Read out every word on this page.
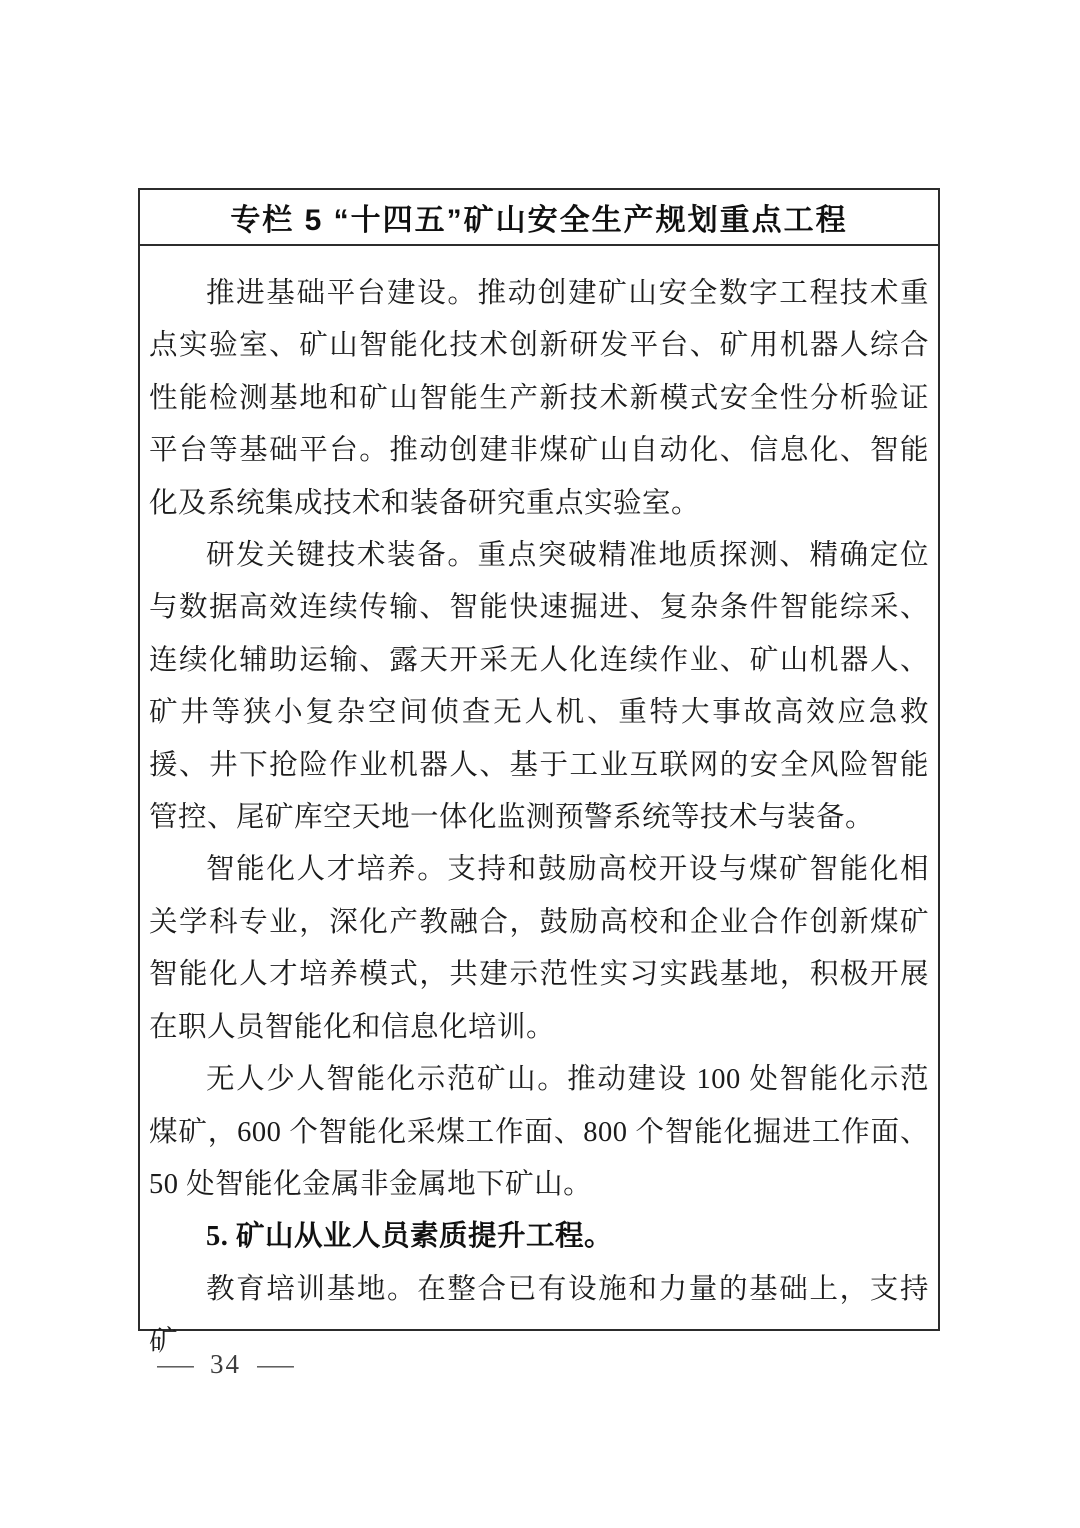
专栏 5 “十四五”矿山安全生产规划重点工程

推进基础平台建设。推动创建矿山安全数字工程技术重点实验室、矿山智能化技术创新研发平台、矿用机器人综合性能检测基地和矿山智能生产新技术新模式安全性分析验证平台等基础平台。推动创建非煤矿山自动化、信息化、智能化及系统集成技术和装备研究重点实验室。

研发关键技术装备。重点突破精准地质探测、精确定位与数据高效连续传输、智能快速掘进、复杂条件智能综采、连续化辅助运输、露天开采无人化连续作业、矿山机器人、矿井等狭小复杂空间侦查无人机、重特大事故高效应急救援、井下抢险作业机器人、基于工业互联网的安全风险智能管控、尾矿库空天地一体化监测预警系统等技术与装备。

智能化人才培养。支持和鼓励高校开设与煤矿智能化相关学科专业，深化产教融合，鼓励高校和企业合作创新煤矿智能化人才培养模式，共建示范性实习实践基地，积极开展在职人员智能化和信息化培训。

无人少人智能化示范矿山。推动建设 100 处智能化示范煤矿，600 个智能化采煤工作面、800 个智能化掘进工作面、50 处智能化金属非金属地下矿山。

5. 矿山从业人员素质提升工程。

教育培训基地。在整合已有设施和力量的基础上，支持矿

— 34 —
